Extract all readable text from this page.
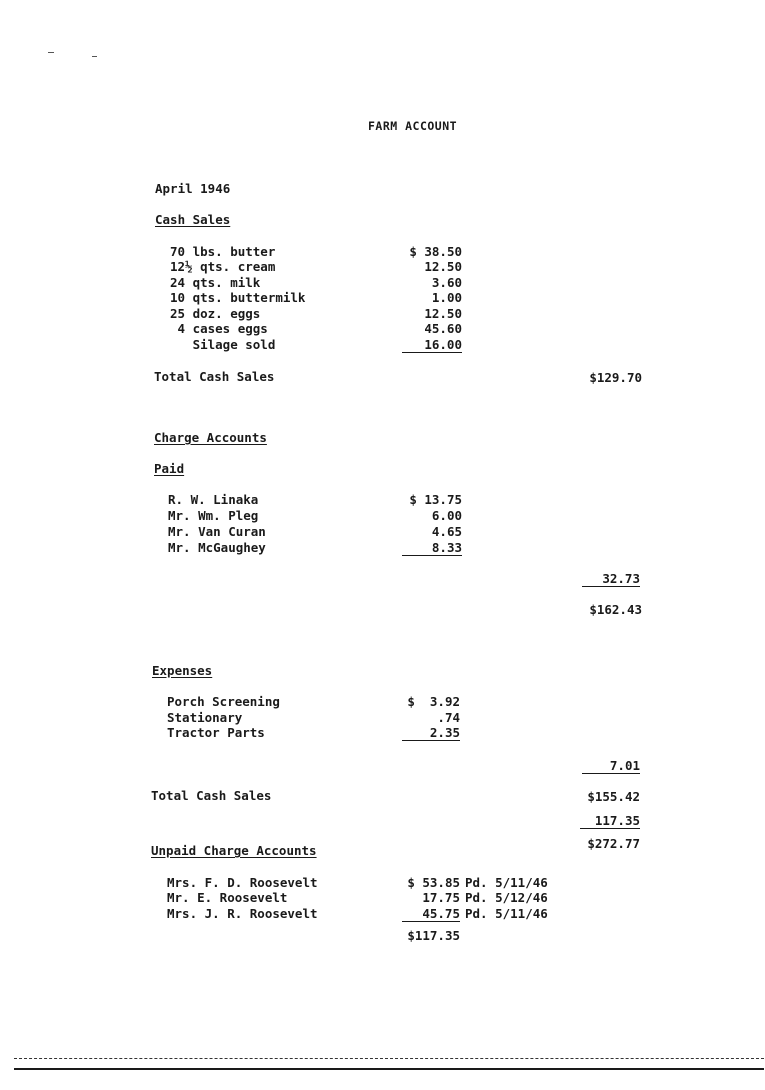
FARM ACCOUNT
April 1946
Cash Sales
70 lbs. butter
12½ qts. cream
24 qts. milk
10 qts. buttermilk
25 doz. eggs
4 cases eggs
Silage sold
$ 38.50
12.50
3.60
1.00
12.50
45.60
16.00
Total Cash Sales	$129.70
Charge Accounts
Paid
R. W. Linaka
Mr. Wm. Pleg
Mr. Van Curan
Mr. McGaughey
$ 13.75
6.00
4.65
8.33
32.73
$162.43
Expenses
Porch Screening
Stationary
Tractor Parts
$  3.92
.74
2.35
7.01
Total Cash Sales	$155.42
117.35
$272.77
Unpaid Charge Accounts
Mrs. F. D. Roosevelt
Mr. E. Roosevelt
Mrs. J. R. Roosevelt
$ 53.85
17.75
45.75
Pd. 5/11/46
Pd. 5/12/46
Pd. 5/11/46
$117.35
